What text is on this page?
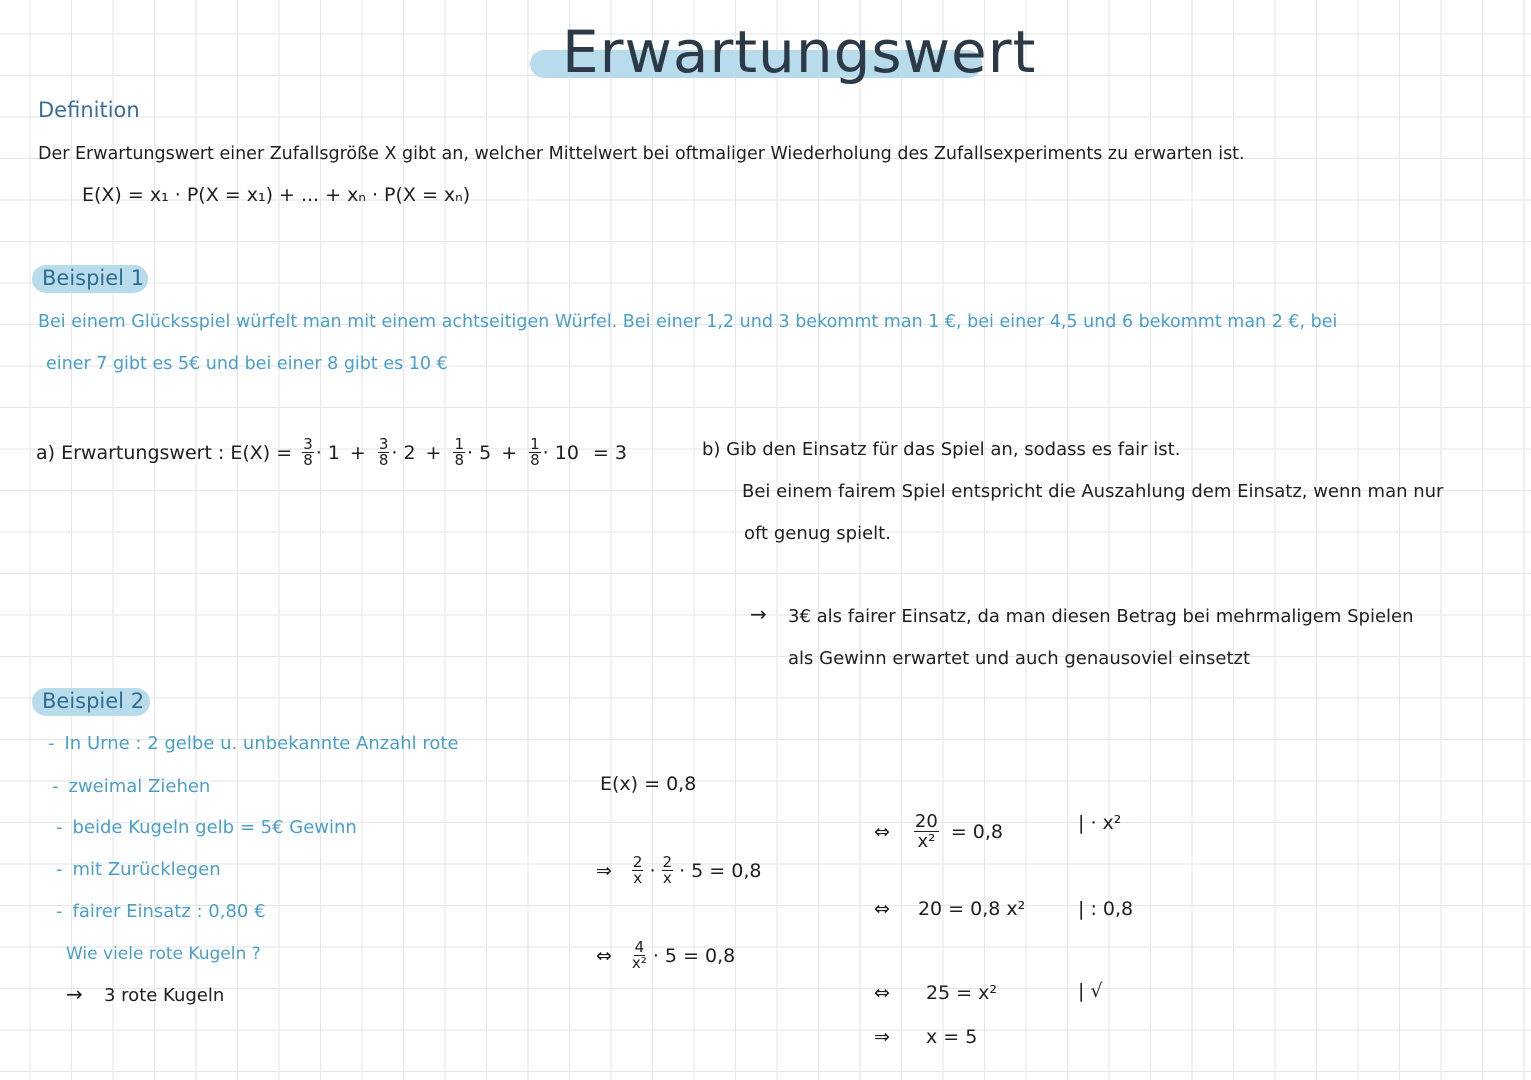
Erwartungswert
Definition
Der Erwartungswert einer Zufallsgröße X gibt an, welcher Mittelwert bei oftmaliger Wiederholung des Zufallsexperiments zu erwarten ist.
E(X) = x₁ · P(X = x₁) + ... + xₙ · P(X = xₙ)
Beispiel 1
Bei einem Glücksspiel würfelt man mit einem achtseitigen Würfel. Bei einer 1,2 und 3 bekommt man 1 €, bei einer 4,5 und 6 bekommt man 2 €, bei
einer 7 gibt es 5€ und bei einer 8 gibt es 10 €
a) Erwartungswert : $E(X) = \frac{3}{8} \cdot 1 + \frac{3}{8} \cdot 2 + \frac{1}{8} \cdot 5 + \frac{1}{8} \cdot 10 = 3$	b) Gib den Einsatz für das Spiel an, sodass es fair ist.
Bei einem fairem Spiel entspricht die Auszahlung dem Einsatz, wenn man nur
oft genug spielt.
→ 3€ als fairer Einsatz, da man diesen Betrag bei mehrmaligem Spielen
als Gewinn erwartet und auch genausoviel einsetzt
Beispiel 2
- In Urne : 2 gelbe u. unbekannte Anzahl rote
- zweimal Ziehen
- beide Kugeln gelb = 5€ Gewinn
- mit Zurücklegen
- fairer Einsatz : 0,80 €
Wie viele rote Kugeln ?
→ 3 rote Kugeln
E(x) = 0,8
⇒ $\frac{2}{x} \cdot \frac{2}{x} \cdot 5 = 0,8$
⇔ $\frac{4}{\text{x²}} \cdot 5 = 0,8$
⇔ $\frac{20}{\text{x²}} = 0,8$	| · x²
⇔ 20 = 0,8 x²	| : 0,8
⇔ 25 = x²	| √
⇒ x = 5
